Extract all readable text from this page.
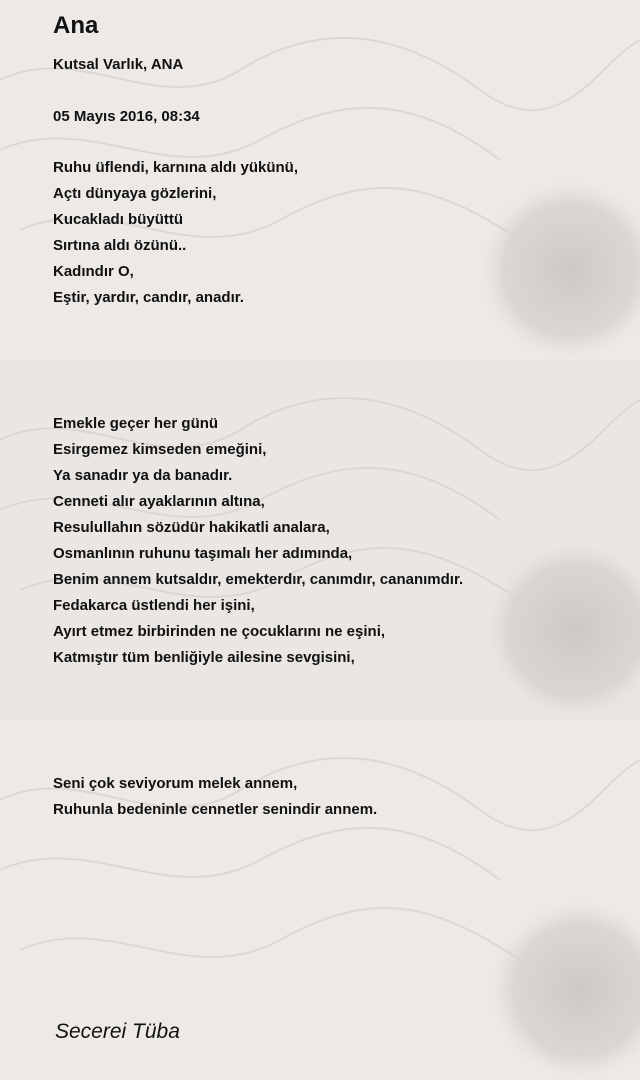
Ana
Kutsal Varlık, ANA
05 Mayıs 2016, 08:34
Ruhu üflendi, karnına aldı yükünü,
Açtı dünyaya gözlerini,
Kucakladı büyüttü
Sırtına aldı özünü..
Kadındır O,
Eştir, yardır, candır, anadır.
Emekle geçer her günü
Esirgemez kimseden emeğini,
Ya sanadır ya da banadır.
Cenneti alır ayaklarının altına,
Resulullahın sözüdür hakikatli analara,
Osmanlının ruhunu taşımalı her adımında,
Benim annem kutsaldır, emekterdır, canımdır, cananımdır.
Fedakarca üstlendi her işini,
Ayırt etmez birbirinden ne çocuklarını ne eşini,
Katmıştır tüm benliğiyle ailesine sevgisini,
Seni çok seviyorum melek annem,
Ruhunla bedeninle cennetler senindir annem.
Secerei Tüba
